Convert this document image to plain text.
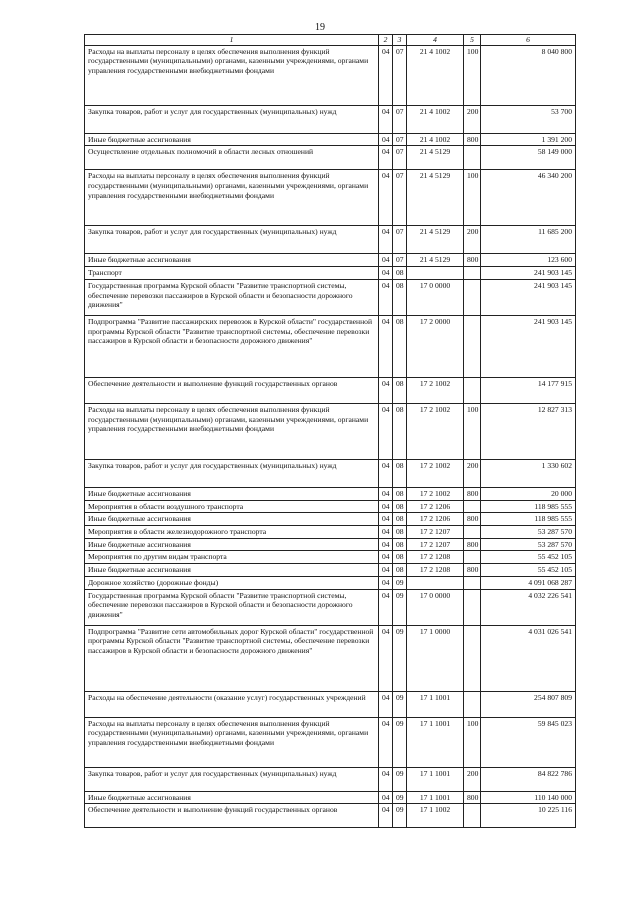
19
1	2	3	4	5	6
Расходы на выплаты персоналу в целях обеспечения выполнения функций государственными (муниципальными) органами, казенными учреждениями, органами управления государственными внебюджетными фондами	04	07	21 4 1002	100	8 040 800
Закупка товаров, работ и услуг для государственных (муниципальных) нужд	04	07	21 4 1002	200	53 700
Иные бюджетные ассигнования	04	07	21 4 1002	800	1 391 200
Осуществление отдельных полномочий в области лесных отношений	04	07	21 4 5129		58 149 000
Расходы на выплаты персоналу в целях обеспечения выполнения функций государственными (муниципальными) органами, казенными учреждениями, органами управления государственными внебюджетными фондами	04	07	21 4 5129	100	46 340 200
Закупка товаров, работ и услуг для государственных (муниципальных) нужд	04	07	21 4 5129	200	11 685 200
Иные бюджетные ассигнования	04	07	21 4 5129	800	123 600
Транспорт	04	08			241 903 145
Государственная программа Курской области "Развитие транспортной системы, обеспечение перевозки пассажиров в Курской области и безопасности дорожного движения"	04	08	17 0 0000		241 903 145
Подпрограмма "Развитие пассажирских перевозок в Курской области" государственной программы Курской области "Развитие транспортной системы, обеспечение перевозки пассажиров в Курской области и безопасности дорожного движения"	04	08	17 2 0000		241 903 145
Обеспечение деятельности и выполнение функций государственных органов	04	08	17 2 1002		14 177 915
Расходы на выплаты персоналу в целях обеспечения выполнения функций государственными (муниципальными) органами, казенными учреждениями, органами управления государственными внебюджетными фондами	04	08	17 2 1002	100	12 827 313
Закупка товаров, работ и услуг для государственных (муниципальных) нужд	04	08	17 2 1002	200	1 330 602
Иные бюджетные ассигнования	04	08	17 2 1002	800	20 000
Мероприятия в области воздушного транспорта	04	08	17 2 1206		118 985 555
Иные бюджетные ассигнования	04	08	17 2 1206	800	118 985 555
Мероприятия в области железнодорожного транспорта	04	08	17 2 1207		53 287 570
Иные бюджетные ассигнования	04	08	17 2 1207	800	53 287 570
Мероприятия по другим видам транспорта	04	08	17 2 1208		55 452 105
Иные бюджетные ассигнования	04	08	17 2 1208	800	55 452 105
Дорожное хозяйство (дорожные фонды)	04	09			4 091 068 287
Государственная программа Курской области "Развитие транспортной системы, обеспечение перевозки пассажиров в Курской области и безопасности дорожного движения"	04	09	17 0 0000		4 032 226 541
Подпрограмма "Развитие сети автомобильных дорог Курской области" государственной программы Курской области "Развитие транспортной системы, обеспечение перевозки пассажиров в Курской области и безопасности дорожного движения"	04	09	17 1 0000		4 031 026 541
Расходы на обеспечение деятельности (оказание услуг) государственных учреждений	04	09	17 1 1001		254 807 809
Расходы на выплаты персоналу в целях обеспечения выполнения функций государственными (муниципальными) органами, казенными учреждениями, органами управления государственными внебюджетными фондами	04	09	17 1 1001	100	59 845 023
Закупка товаров, работ и услуг для государственных (муниципальных) нужд	04	09	17 1 1001	200	84 822 786
Иные бюджетные ассигнования	04	09	17 1 1001	800	110 140 000
Обеспечение деятельности и выполнение функций государственных органов	04	09	17 1 1002		10 225 116
